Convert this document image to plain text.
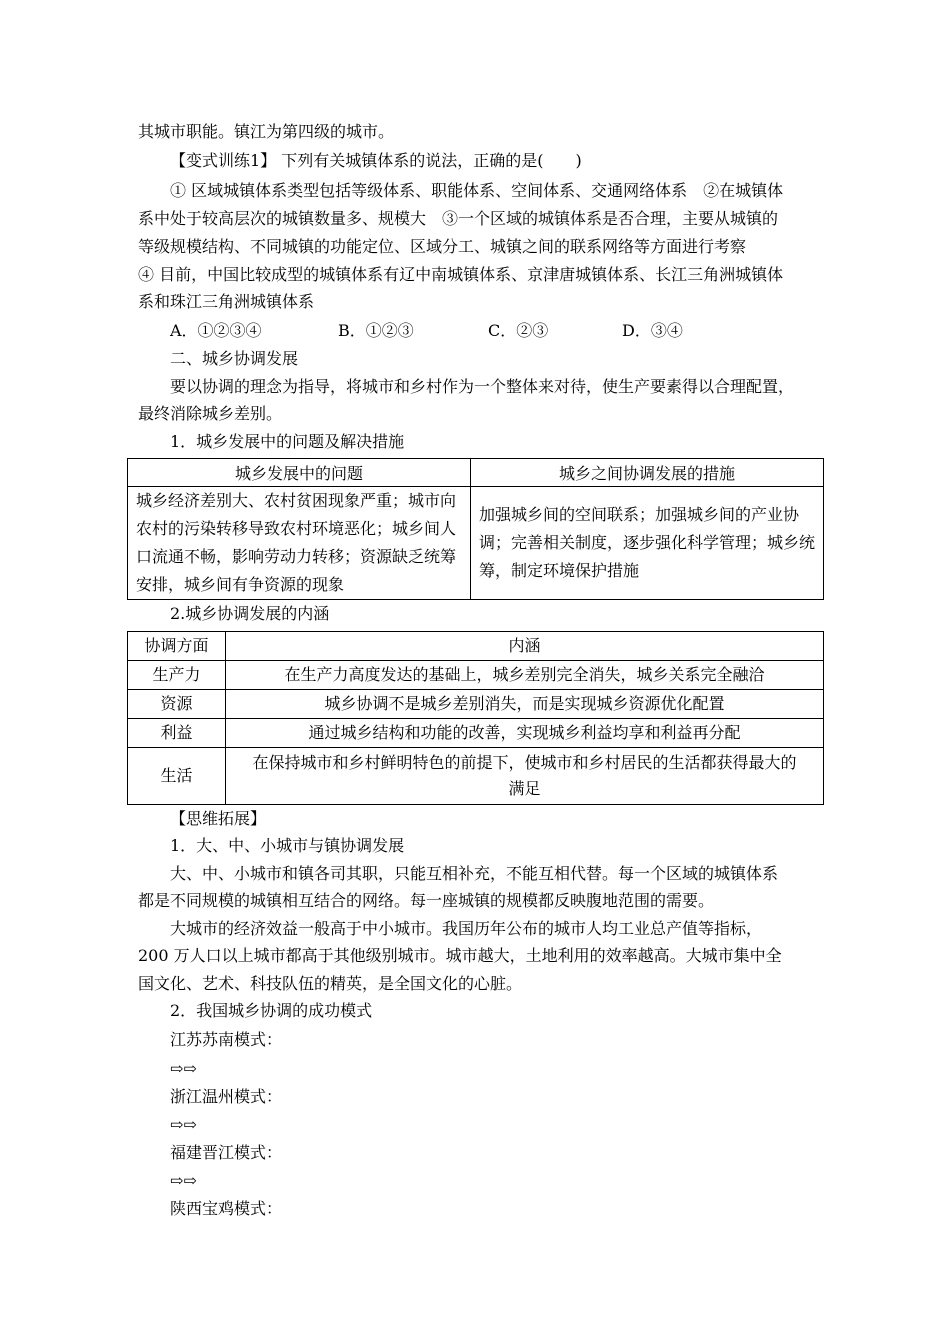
其城市职能。镇江为第四级的城市。
【变式训练1】 下列有关城镇体系的说法，正确的是(　　)
① 区域城镇体系类型包括等级体系、职能体系、空间体系、交通网络体系　②在城镇体
系中处于较高层次的城镇数量多、规模大　③一个区域的城镇体系是否合理，主要从城镇的
等级规模结构、不同城镇的功能定位、区域分工、城镇之间的联系网络等方面进行考察
④ 目前，中国比较成型的城镇体系有辽中南城镇体系、京津唐城镇体系、长江三角洲城镇体
系和珠江三角洲城镇体系
A．①②③④	B．①②③	C．②③	D．③④
二、城乡协调发展
要以协调的理念为指导，将城市和乡村作为一个整体来对待，使生产要素得以合理配置，
最终消除城乡差别。
1．城乡发展中的问题及解决措施
城乡发展中的问题	城乡之间协调发展的措施

城乡经济差别大、农村贫困现象严重；城市向农村的污染转移导致农村环境恶化；城乡间人口流通不畅，影响劳动力转移；资源缺乏统筹安排，城乡间有争资源的现象	加强城乡间的空间联系；加强城乡间的产业协调；完善相关制度，逐步强化科学管理；城乡统筹，制定环境保护措施
2.城乡协调发展的内涵
协调方面	内涵
生产力	在生产力高度发达的基础上，城乡差别完全消失，城乡关系完全融洽
资源	城乡协调不是城乡差别消失，而是实现城乡资源优化配置
利益	通过城乡结构和功能的改善，实现城乡利益均享和利益再分配
生活	在保持城市和乡村鲜明特色的前提下，使城市和乡村居民的生活都获得最大的
满足
【思维拓展】
1．大、中、小城市与镇协调发展
大、中、小城市和镇各司其职，只能互相补充，不能互相代替。每一个区域的城镇体系
都是不同规模的城镇相互结合的网络。每一座城镇的规模都反映腹地范围的需要。
大城市的经济效益一般高于中小城市。我国历年公布的城市人均工业总产值等指标，
200 万人口以上城市都高于其他级别城市。城市越大，土地利用的效率越高。大城市集中全
国文化、艺术、科技队伍的精英，是全国文化的心脏。
2．我国城乡协调的成功模式
江苏苏南模式：
⇨⇨
浙江温州模式：
⇨⇨
福建晋江模式：
⇨⇨
陕西宝鸡模式：
